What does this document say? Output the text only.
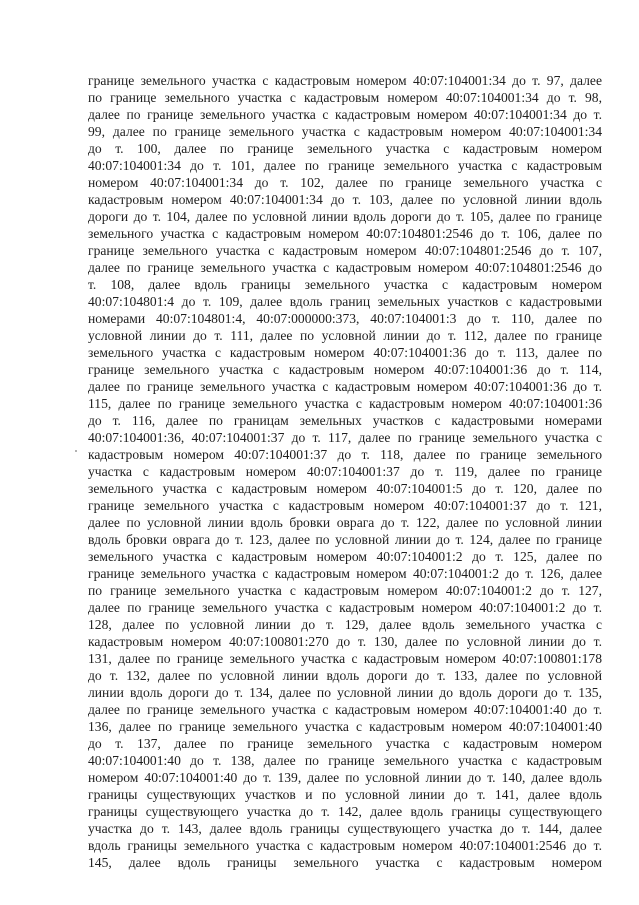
границе земельного участка с кадастровым номером 40:07:104001:34 до т. 97, далее
по границе земельного участка с кадастровым номером 40:07:104001:34 до т. 98,
далее по границе земельного участка с кадастровым номером 40:07:104001:34 до т.
99, далее по границе земельного участка с кадастровым номером 40:07:104001:34
до т. 100, далее по границе земельного участка с кадастровым номером
40:07:104001:34 до т. 101, далее по границе земельного участка с кадастровым
номером 40:07:104001:34 до т. 102, далее по границе земельного участка с
кадастровым номером 40:07:104001:34 до т. 103, далее по условной линии вдоль
дороги до т. 104, далее по условной линии вдоль дороги до т. 105, далее по границе
земельного участка с кадастровым номером 40:07:104801:2546 до т. 106, далее по
границе земельного участка с кадастровым номером 40:07:104801:2546 до т. 107,
далее по границе земельного участка с кадастровым номером 40:07:104801:2546 до
т. 108, далее вдоль границы земельного участка с кадастровым номером
40:07:104801:4 до т. 109, далее вдоль границ земельных участков с кадастровыми
номерами 40:07:104801:4, 40:07:000000:373, 40:07:104001:3 до т. 110, далее по
условной линии до т. 111, далее по условной линии до т. 112, далее по границе
земельного участка с кадастровым номером 40:07:104001:36 до т. 113, далее по
границе земельного участка с кадастровым номером 40:07:104001:36 до т. 114,
далее по границе земельного участка с кадастровым номером 40:07:104001:36 до т.
115, далее по границе земельного участка с кадастровым номером 40:07:104001:36
до т. 116, далее по границам земельных участков с кадастровыми номерами
40:07:104001:36, 40:07:104001:37 до т. 117, далее по границе земельного участка с
кадастровым номером 40:07:104001:37 до т. 118, далее по границе земельного
участка с кадастровым номером 40:07:104001:37 до т. 119, далее по границе
земельного участка с кадастровым номером 40:07:104001:5 до т. 120, далее по
границе земельного участка с кадастровым номером 40:07:104001:37 до т. 121,
далее по условной линии вдоль бровки оврага до т. 122, далее по условной линии
вдоль бровки оврага до т. 123, далее по условной линии до т. 124, далее по границе
земельного участка с кадастровым номером 40:07:104001:2 до т. 125, далее по
границе земельного участка с кадастровым номером 40:07:104001:2 до т. 126, далее
по границе земельного участка с кадастровым номером 40:07:104001:2 до т. 127,
далее по границе земельного участка с кадастровым номером 40:07:104001:2 до т.
128, далее по условной линии до т. 129, далее вдоль земельного участка с
кадастровым номером 40:07:100801:270 до т. 130, далее по условной линии до т.
131, далее по границе земельного участка с кадастровым номером 40:07:100801:178
до т. 132, далее по условной линии вдоль дороги до т. 133, далее по условной
линии вдоль дороги до т. 134, далее по условной линии до вдоль дороги до т. 135,
далее по границе земельного участка с кадастровым номером 40:07:104001:40 до т.
136, далее по границе земельного участка с кадастровым номером 40:07:104001:40
до т. 137, далее по границе земельного участка с кадастровым номером
40:07:104001:40 до т. 138, далее по границе земельного участка с кадастровым
номером 40:07:104001:40 до т. 139, далее по условной линии до т. 140, далее вдоль
границы существующих участков и по условной линии до т. 141, далее вдоль
границы существующего участка до т. 142, далее вдоль границы существующего
участка до т. 143, далее вдоль границы существующего участка до т. 144, далее
вдоль границы земельного участка с кадастровым номером 40:07:104001:2546 до т.
145, далее вдоль границы земельного участка с кадастровым номером
